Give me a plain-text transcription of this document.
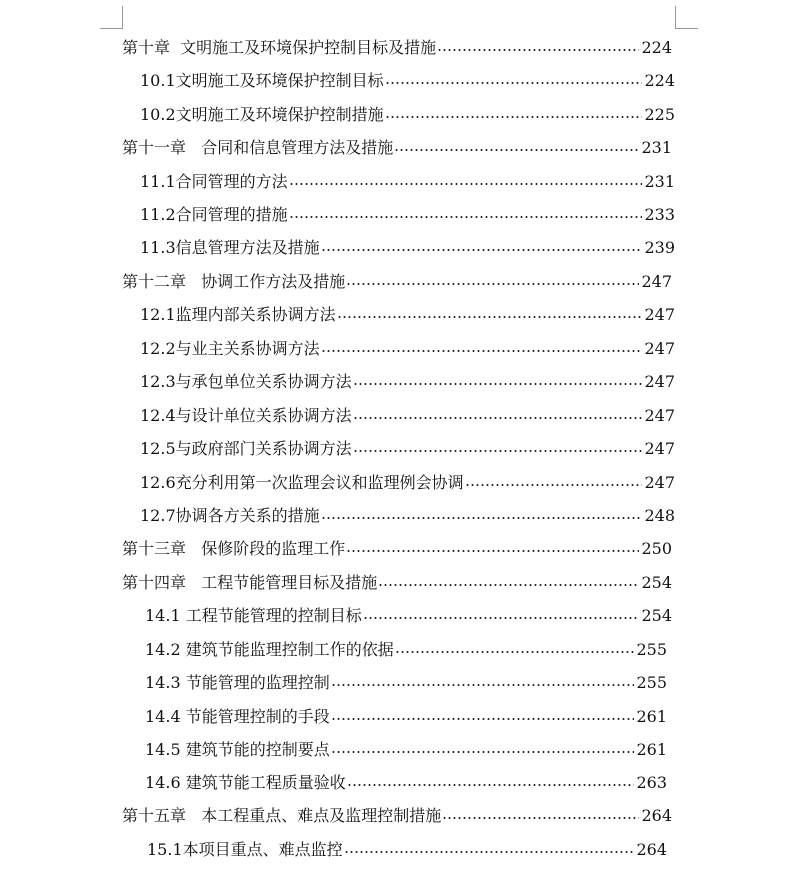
第十章  文明施工及环境保护控制目标及措施	224
10.1文明施工及环境保护控制目标	224
10.2文明施工及环境保护控制措施	225
第十一章   合同和信息管理方法及措施	231
11.1合同管理的方法	231
11.2合同管理的措施	233
11.3信息管理方法及措施	239
第十二章   协调工作方法及措施	247
12.1监理内部关系协调方法	247
12.2与业主关系协调方法	247
12.3与承包单位关系协调方法	247
12.4与设计单位关系协调方法	247
12.5与政府部门关系协调方法	247
12.6充分利用第一次监理会议和监理例会协调	247
12.7协调各方关系的措施	248
第十三章   保修阶段的监理工作	250
第十四章   工程节能管理目标及措施	254
14.1 工程节能管理的控制目标	254
14.2 建筑节能监理控制工作的依据	255
14.3 节能管理的监理控制	255
14.4 节能管理控制的手段	261
14.5 建筑节能的控制要点	261
14.6 建筑节能工程质量验收	263
第十五章   本工程重点、难点及监理控制措施	264
15.1本项目重点、难点监控	264
